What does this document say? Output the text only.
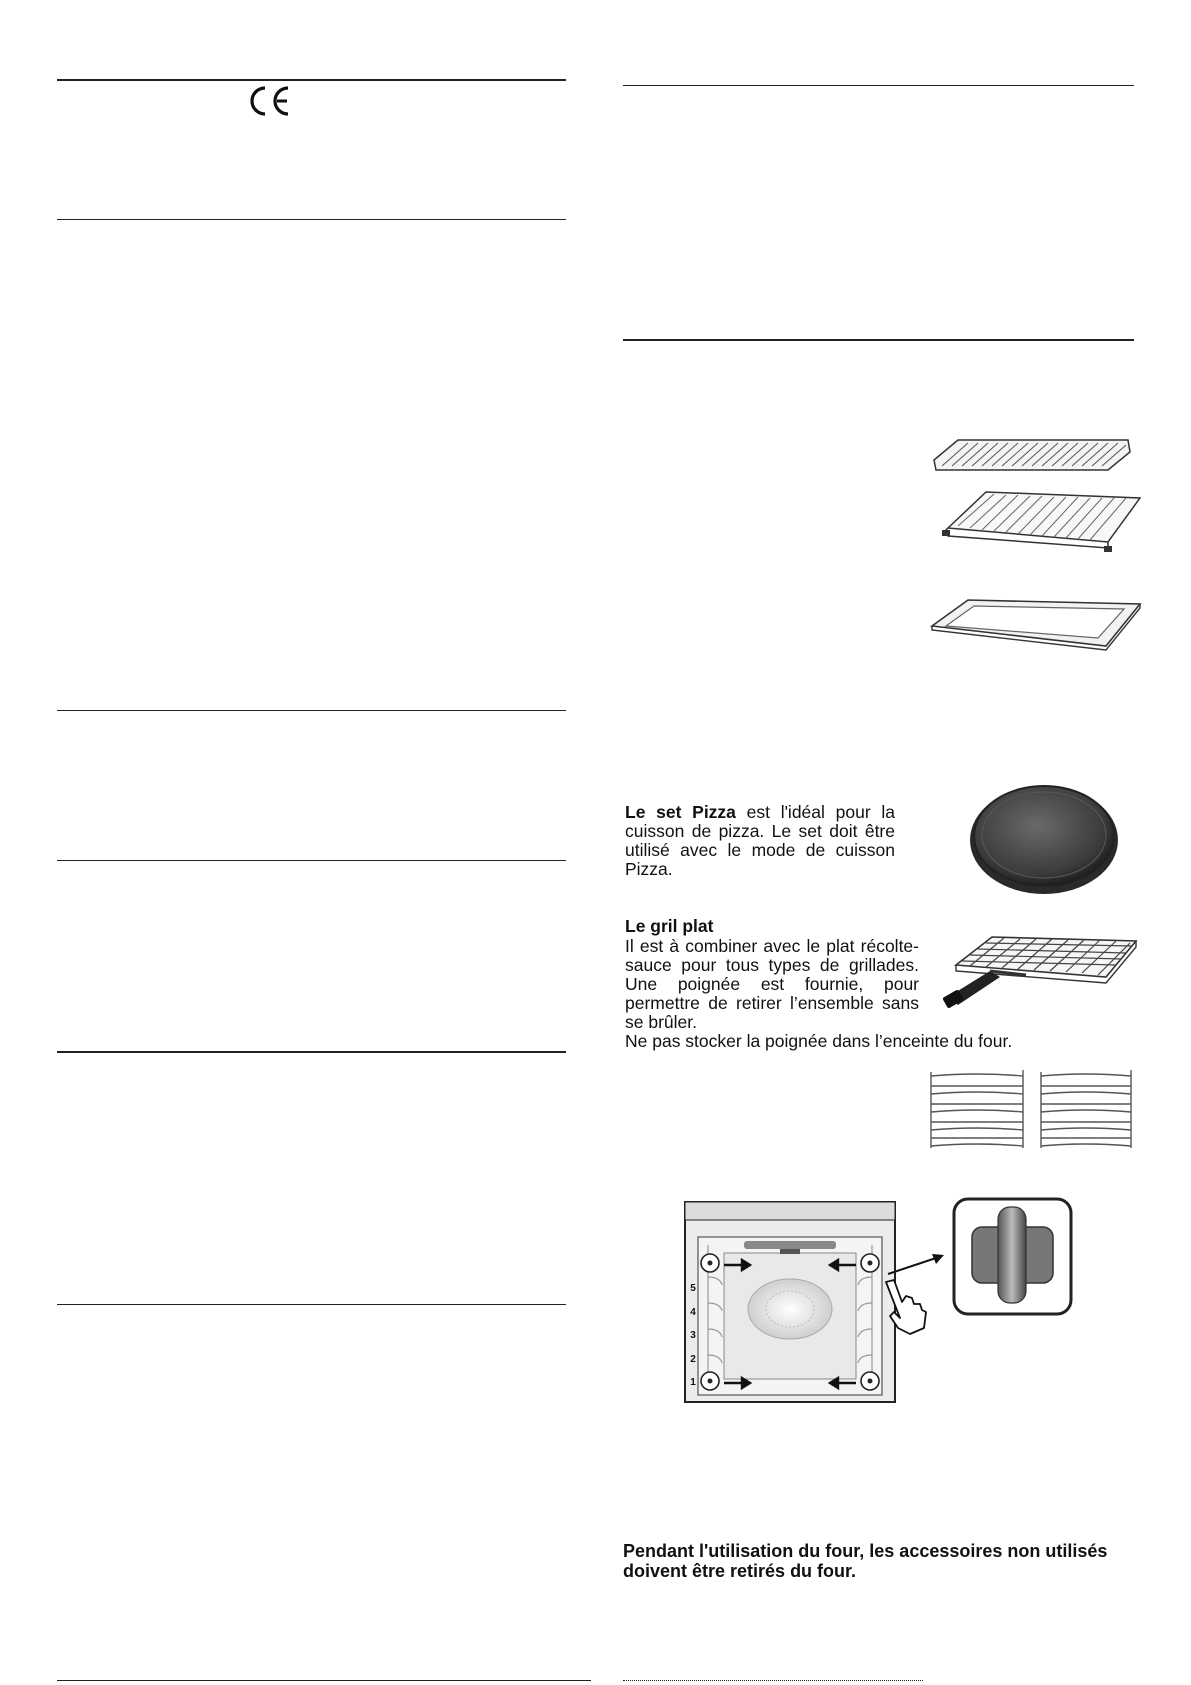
Le set Pizza est l'idéal pour la cuisson de pizza. Le set doit être utilisé avec le mode de cuisson Pizza.
Le gril plat
Il est à combiner avec le plat récolte-sauce pour tous types de grillades. Une poignée est fournie, pour permettre de retirer l’ensemble sans se brûler.
Ne pas stocker la poignée dans l’enceinte du four.
5
4
3
2
1
Pendant l'utilisation du four, les accessoires non utilisés
doivent être retirés du four.
